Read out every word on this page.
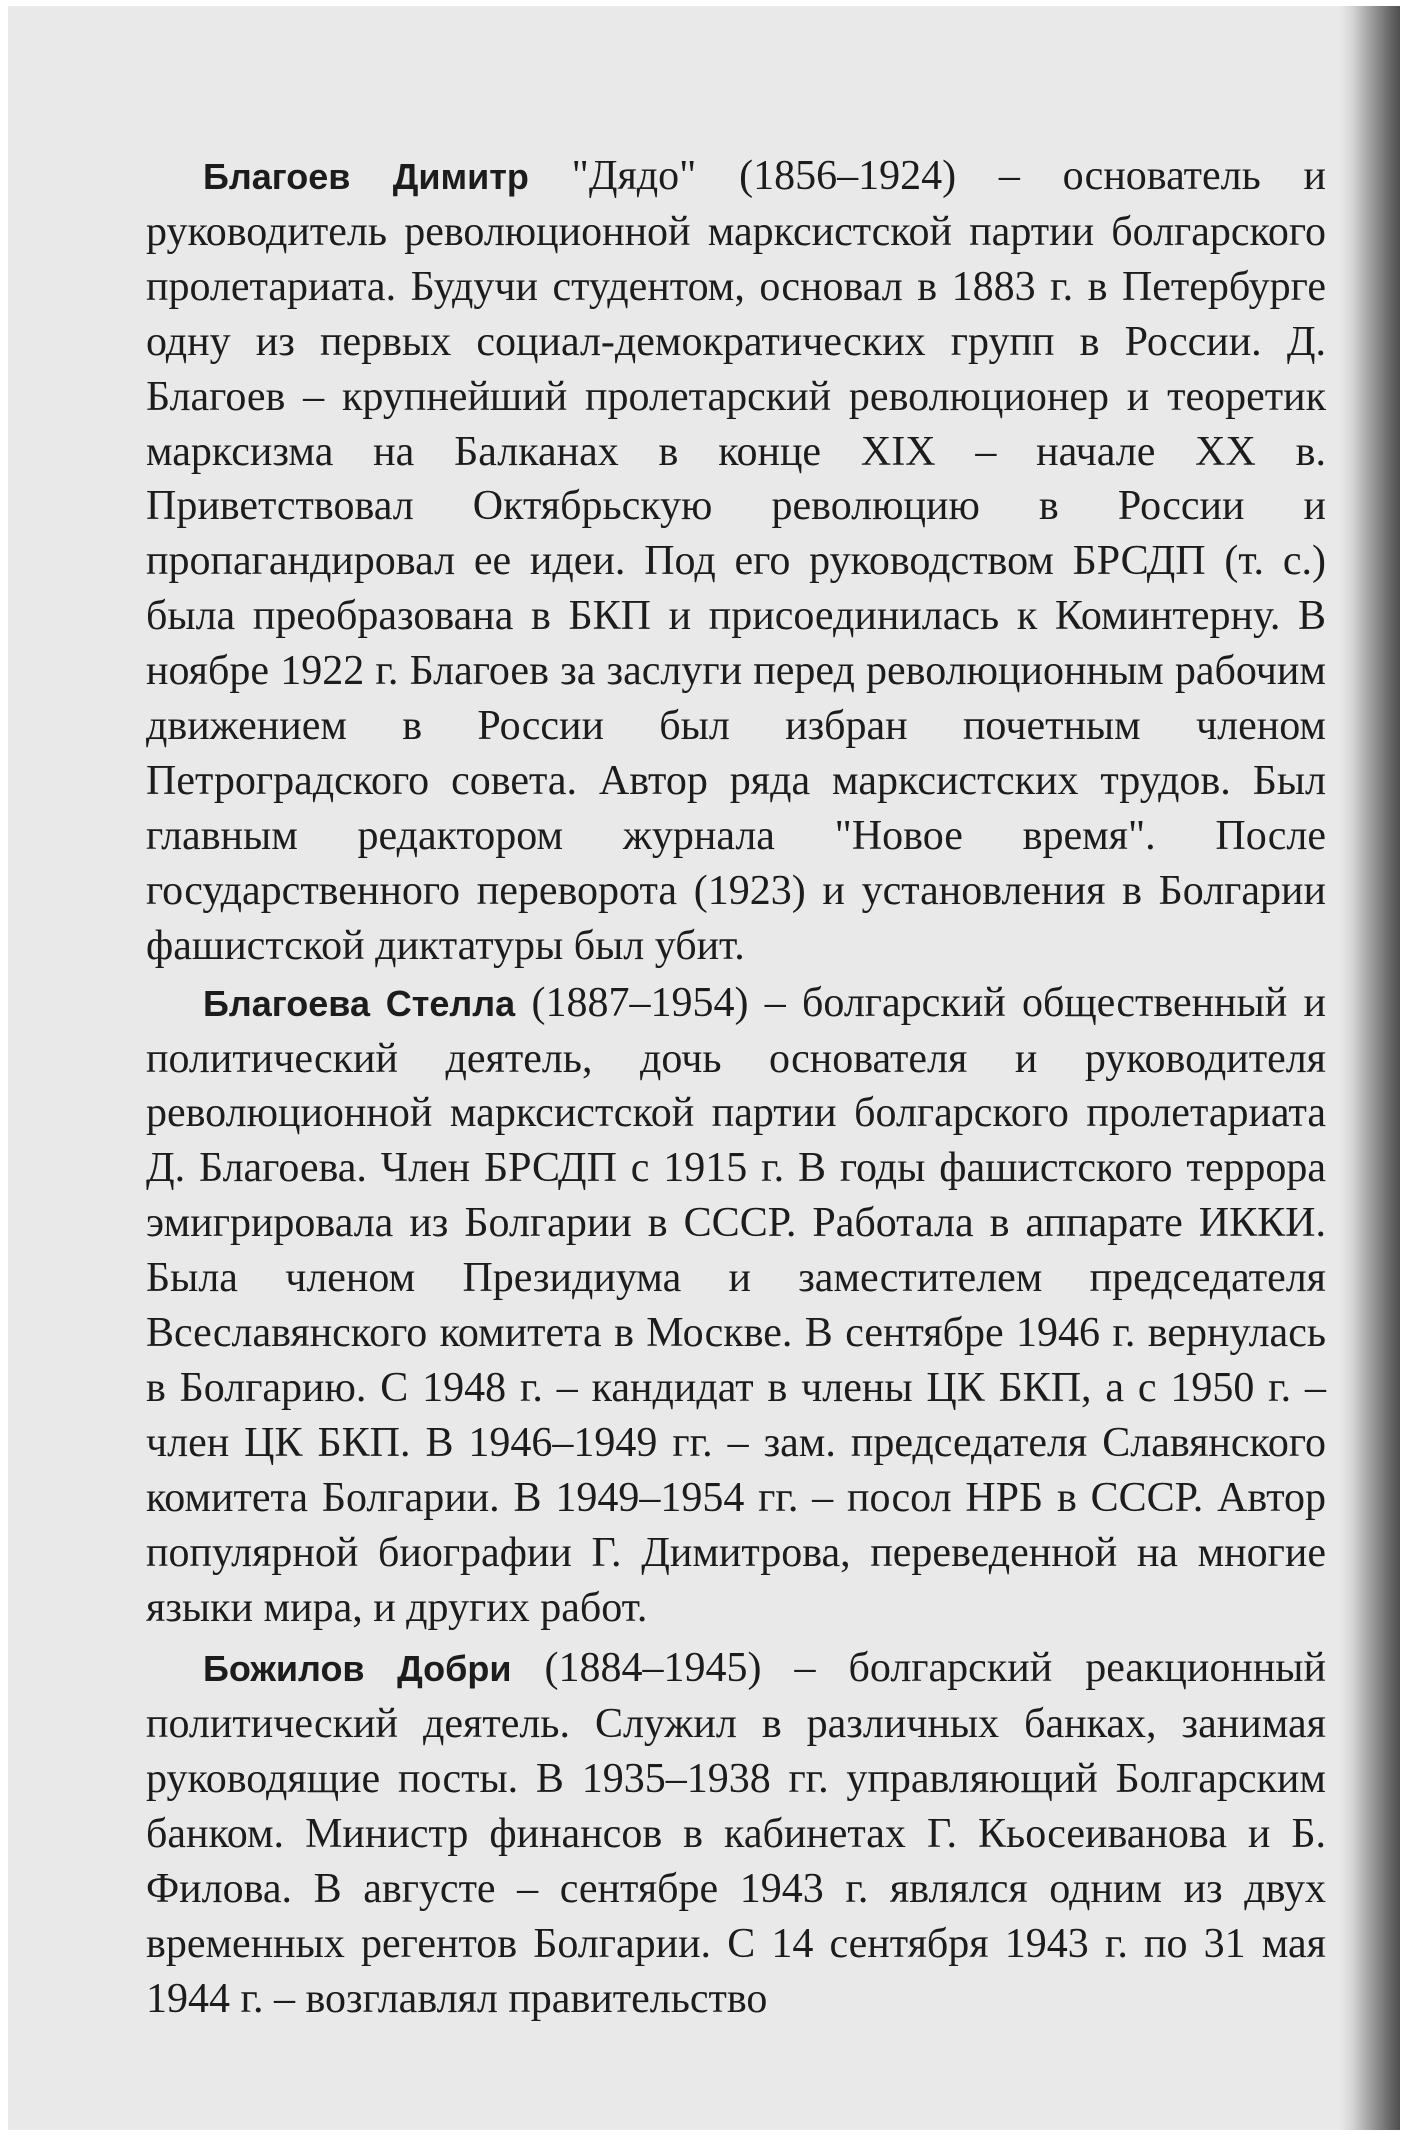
Благоев Димитр "Дядо" (1856–1924) – основатель и руководитель революционной марксистской партии болгарского пролетариата. Будучи студентом, основал в 1883 г. в Петербурге одну из первых социал-демократических групп в России. Д. Благоев – крупнейший пролетарский революционер и теоретик марксизма на Балканах в конце XIX – начале XX в. Приветствовал Октябрьскую революцию в России и пропагандировал ее идеи. Под его руководством БРСДП (т. с.) была преобразована в БКП и присоединилась к Коминтерну. В ноябре 1922 г. Благоев за заслуги перед революционным рабочим движением в России был избран почетным членом Петроградского совета. Автор ряда марксистских трудов. Был главным редактором журнала "Новое время". После государственного переворота (1923) и установления в Болгарии фашистской диктатуры был убит.

Благоева Стелла (1887–1954) – болгарский общественный и политический деятель, дочь основателя и руководителя революционной марксистской партии болгарского пролетариата Д. Благоева. Член БРСДП с 1915 г. В годы фашистского террора эмигрировала из Болгарии в СССР. Работала в аппарате ИККИ. Была членом Президиума и заместителем председателя Всеславянского комитета в Москве. В сентябре 1946 г. вернулась в Болгарию. С 1948 г. – кандидат в члены ЦК БКП, а с 1950 г. – член ЦК БКП. В 1946–1949 гг. – зам. председателя Славянского комитета Болгарии. В 1949–1954 гг. – посол НРБ в СССР. Автор популярной биографии Г. Димитрова, переведенной на многие языки мира, и других работ.

Божилов Добри (1884–1945) – болгарский реакционный политический деятель. Служил в различных банках, занимая руководящие посты. В 1935–1938 гг. управляющий Болгарским банком. Министр финансов в кабинетах Г. Кьосеиванова и Б. Филова. В августе – сентябре 1943 г. являлся одним из двух временных регентов Болгарии. С 14 сентября 1943 г. по 31 мая 1944 г. – возглавлял правительство
